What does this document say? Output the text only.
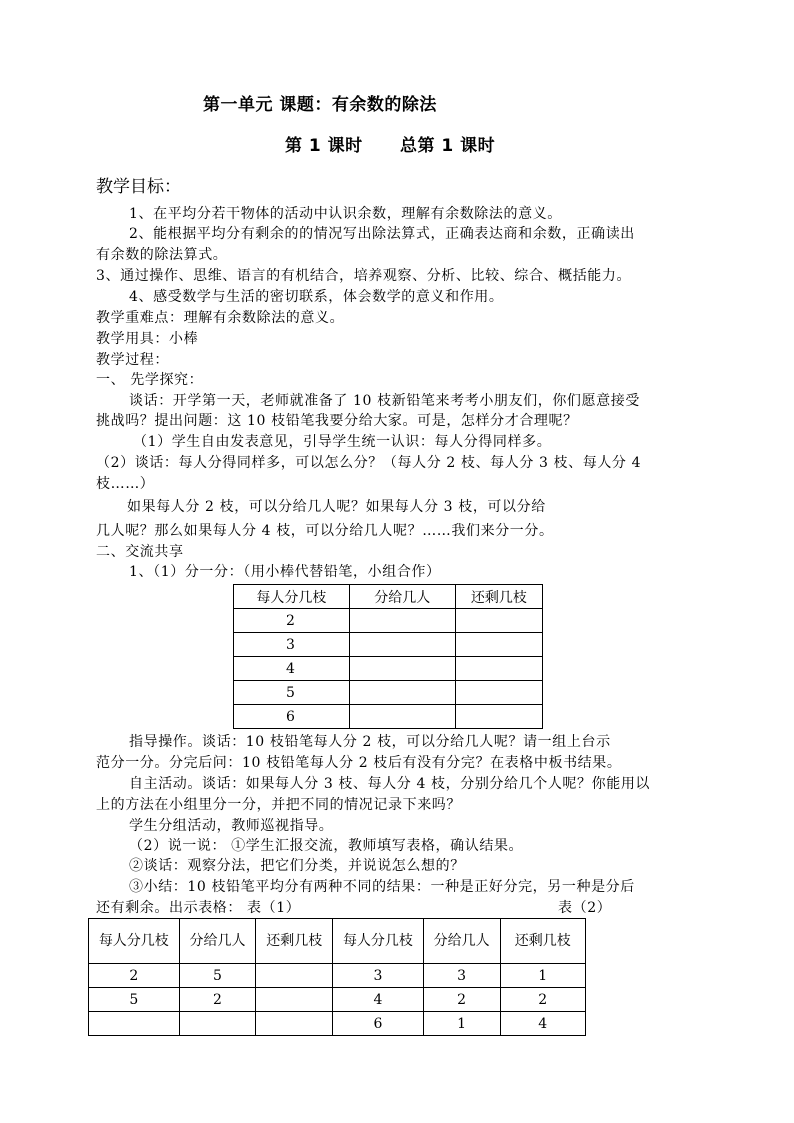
第一单元 课题：有余数的除法
第 1 课时 总第 1 课时
教学目标：
1、在平均分若干物体的活动中认识余数，理解有余数除法的意义。
2、能根据平均分有剩余的的情况写出除法算式，正确表达商和余数，正确读出
有余数的除法算式。
3、通过操作、思维、语言的有机结合，培养观察、分析、比较、综合、概括能力。
4、感受数学与生活的密切联系，体会数学的意义和作用。
教学重难点：理解有余数除法的意义。
教学用具：小棒
教学过程：
一、 先学探究：
谈话：开学第一天，老师就准备了 10 枝新铅笔来考考小朋友们，你们愿意接受
挑战吗？提出问题：这 10 枝铅笔我要分给大家。可是，怎样分才合理呢？
（1）学生自由发表意见，引导学生统一认识：每人分得同样多。
（2）谈话：每人分得同样多，可以怎么分？（每人分 2 枝、每人分 3 枝、每人分 4
枝……）
如果每人分 2 枝，可以分给几人呢？如果每人分 3 枝，可以分给
几人呢？那么如果每人分 4 枝，可以分给几人呢？……我们来分一分。
二、交流共享
1、（1）分一分：（用小棒代替铅笔，小组合作）
每人分几枝	分给几人	还剩几枝
2		
3		
4		
5		
6		
指导操作。谈话：10 枝铅笔每人分 2 枝，可以分给几人呢？请一组上台示
范分一分。分完后问：10 枝铅笔每人分 2 枝后有没有分完？在表格中板书结果。
自主活动。谈话：如果每人分 3 枝、每人分 4 枝，分别分给几个人呢？你能用以
上的方法在小组里分一分，并把不同的情况记录下来吗？
学生分组活动，教师巡视指导。
（2）说一说： ①学生汇报交流，教师填写表格，确认结果。
②谈话：观察分法，把它们分类，并说说怎么想的？
③小结：10 枝铅笔平均分有两种不同的结果：一种是正好分完，另一种是分后
还有剩余。出示表格： 表（1）	表（2）
每人分几枝	分给几人	还剩几枝	每人分几枝	分给几人	还剩几枝
2	5		3	3	1
5	2		4	2	2
			6	1	4
